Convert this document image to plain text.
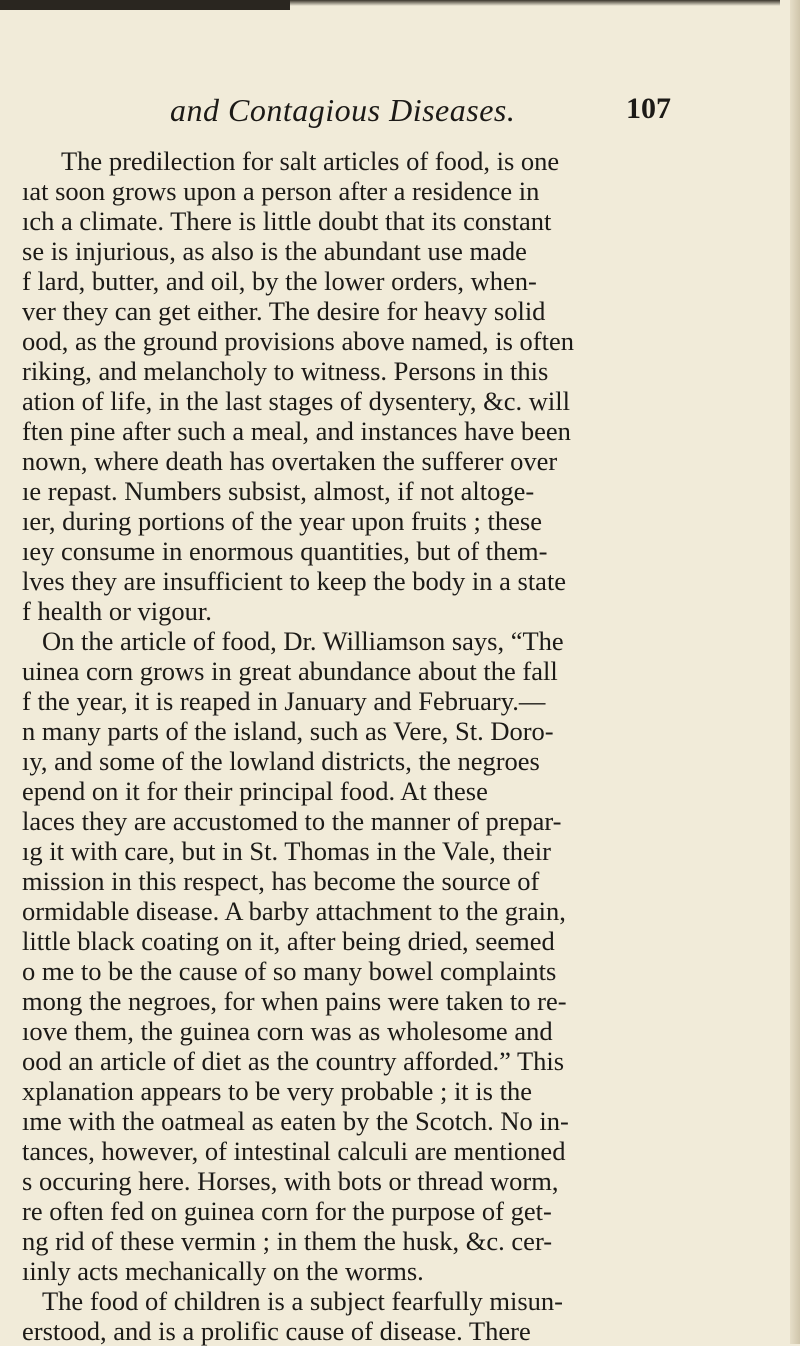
and Contagious Diseases.	107
The predilection for salt articles of food, is one
ıat soon grows upon a person after a residence in
ıch a climate. There is little doubt that its constant
se is injurious, as also is the abundant use made
f lard, butter, and oil, by the lower orders, when-
ver they can get either. The desire for heavy solid
ood, as the ground provisions above named, is often
riking, and melancholy to witness. Persons in this
ation of life, in the last stages of dysentery, &c. will
ften pine after such a meal, and instances have been
nown, where death has overtaken the sufferer over
ıe repast. Numbers subsist, almost, if not altoge-
ıer, during portions of the year upon fruits ; these
ıey consume in enormous quantities, but of them-
lves they are insufficient to keep the body in a state
f health or vigour.
On the article of food, Dr. Williamson says, “The
uinea corn grows in great abundance about the fall
f the year, it is reaped in January and February.—
n many parts of the island, such as Vere, St. Doro-
ıy, and some of the lowland districts, the negroes
epend on it for their principal food. At these
laces they are accustomed to the manner of prepar-
ıg it with care, but in St. Thomas in the Vale, their
mission in this respect, has become the source of
ormidable disease. A barby attachment to the grain,
little black coating on it, after being dried, seemed
o me to be the cause of so many bowel complaints
mong the negroes, for when pains were taken to re-
ıove them, the guinea corn was as wholesome and
ood an article of diet as the country afforded.” This
xplanation appears to be very probable ; it is the
ıme with the oatmeal as eaten by the Scotch. No in-
tances, however, of intestinal calculi are mentioned
s occuring here. Horses, with bots or thread worm,
re often fed on guinea corn for the purpose of get-
ng rid of these vermin ; in them the husk, &c. cer-
ıinly acts mechanically on the worms.
The food of children is a subject fearfully misun-
erstood, and is a prolific cause of disease. There
